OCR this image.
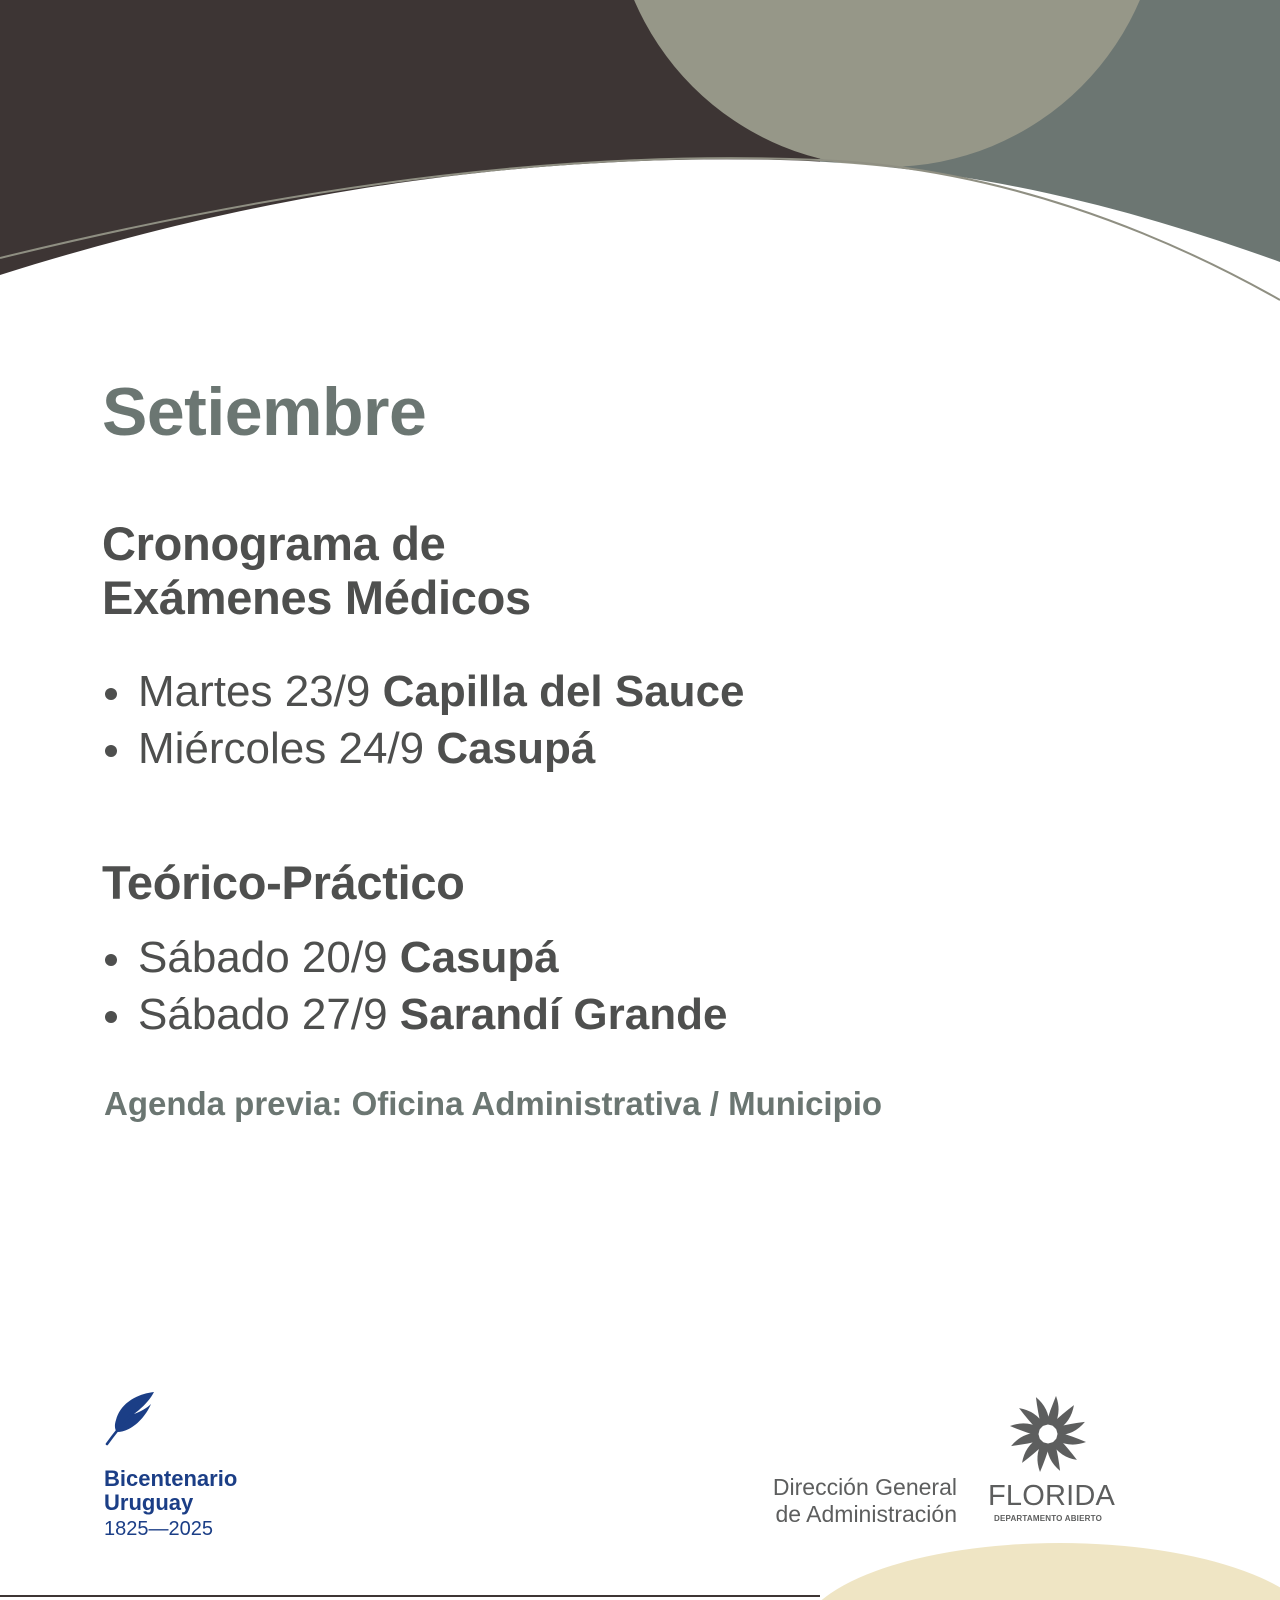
Setiembre
Cronograma de
Exámenes Médicos
Martes 23/9 Capilla del Sauce
Miércoles 24/9 Casupá
Teórico-Práctico
Sábado 20/9 Casupá
Sábado 27/9 Sarandí Grande

Agenda previa: Oficina Administrativa / Municipio

Bicentenario
Uruguay
1825—2025
Dirección General
de Administración
FLORIDA
DEPARTAMENTO ABIERTO
